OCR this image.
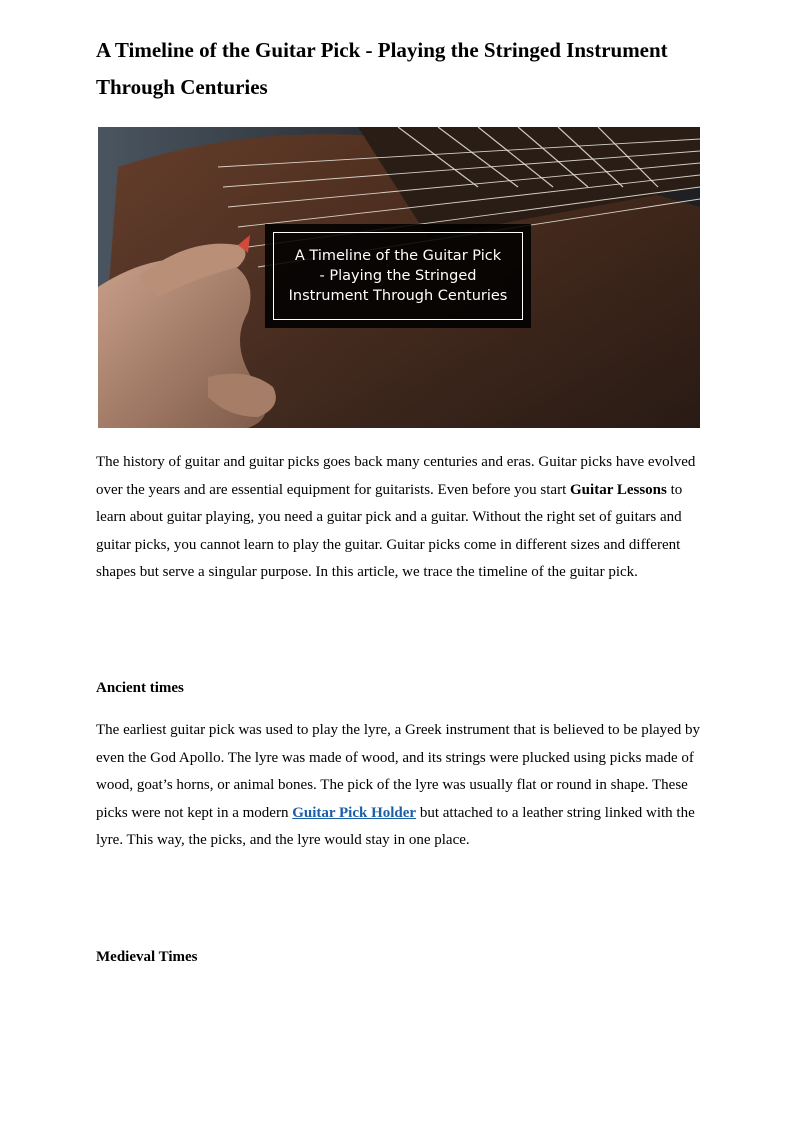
A Timeline of the Guitar Pick - Playing the Stringed Instrument Through Centuries
A Timeline of the Guitar Pick
- Playing the Stringed
Instrument Through Centuries

The history of guitar and guitar picks goes back many centuries and eras. Guitar picks have evolved over the years and are essential equipment for guitarists. Even before you start Guitar Lessons to learn about guitar playing, you need a guitar pick and a guitar. Without the right set of guitars and guitar picks, you cannot learn to play the guitar. Guitar picks come in different sizes and different shapes but serve a singular purpose. In this article, we trace the timeline of the guitar pick.

Ancient times

The earliest guitar pick was used to play the lyre, a Greek instrument that is believed to be played by even the God Apollo. The lyre was made of wood, and its strings were plucked using picks made of wood, goat’s horns, or animal bones. The pick of the lyre was usually flat or round in shape. These picks were not kept in a modern Guitar Pick Holder but attached to a leather string linked with the lyre. This way, the picks, and the lyre would stay in one place.

Medieval Times
